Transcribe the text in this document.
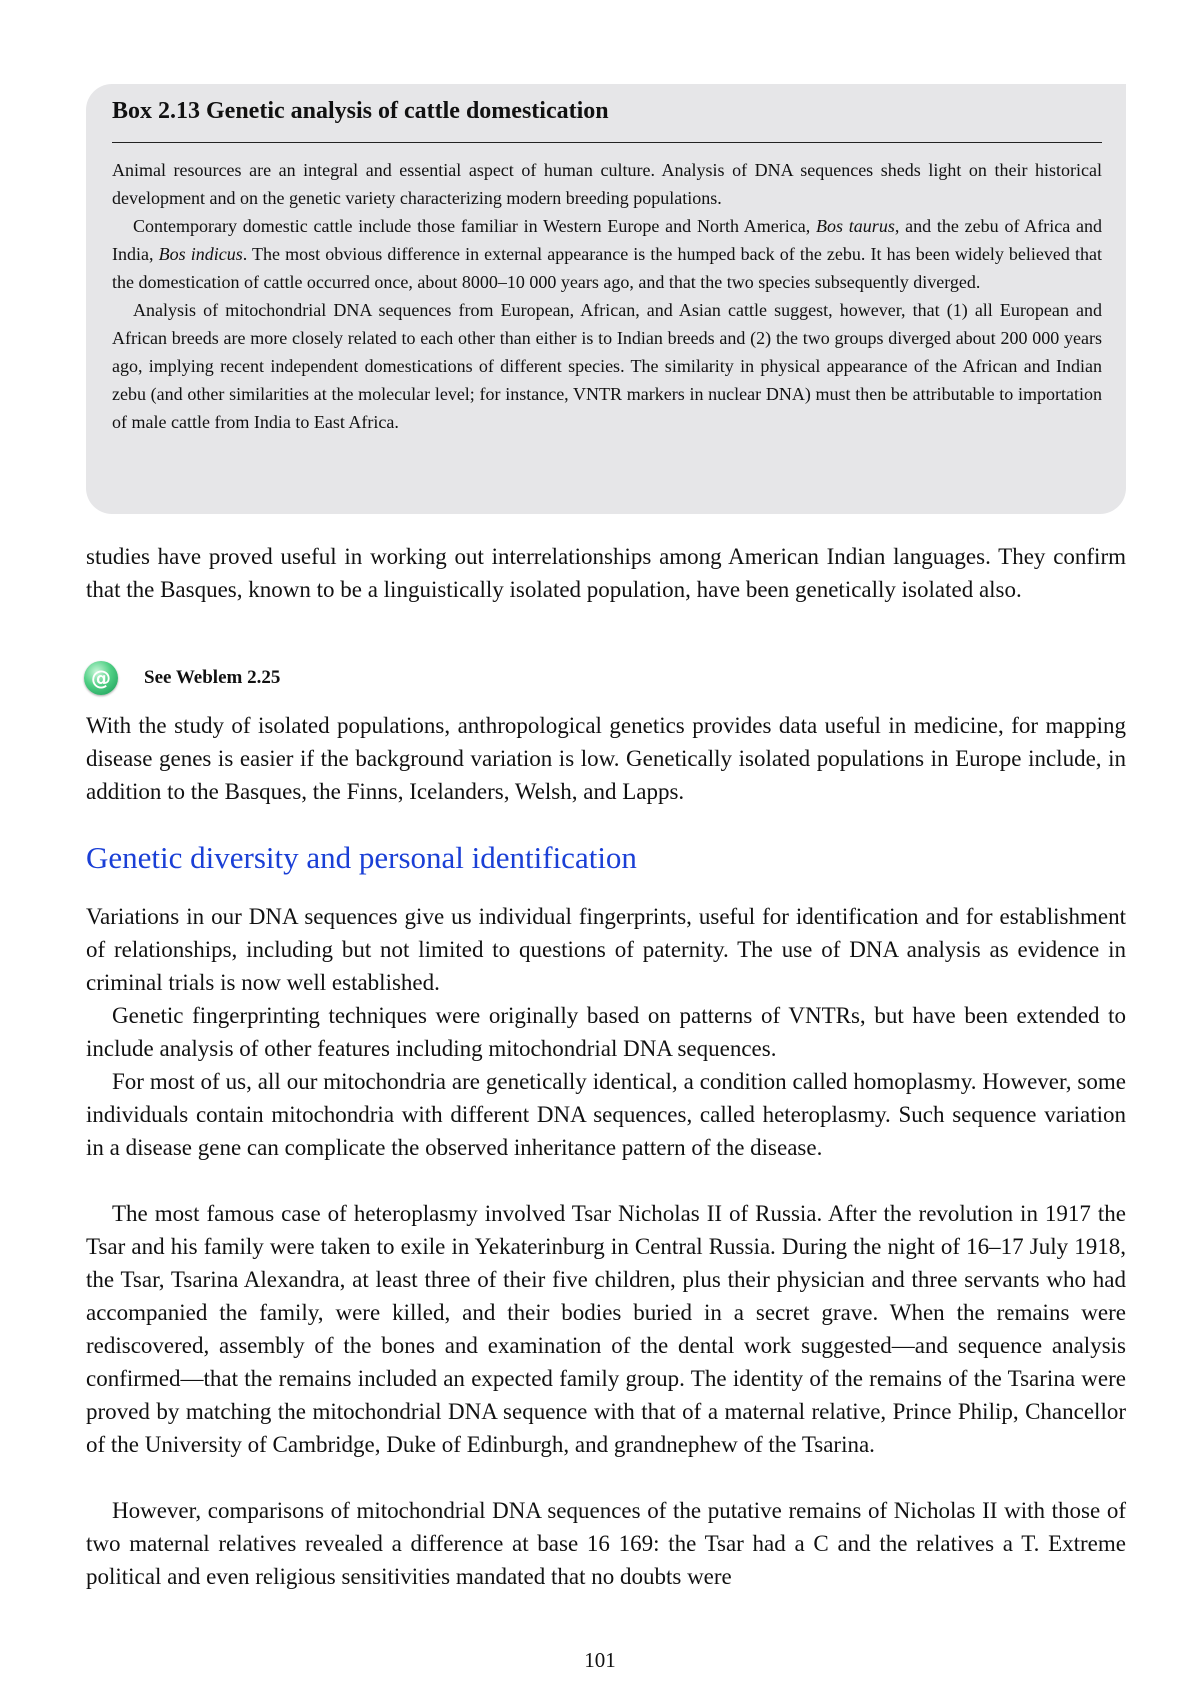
Box 2.13 Genetic analysis of cattle domestication

Animal resources are an integral and essential aspect of human culture. Analysis of DNA sequences sheds light on their historical development and on the genetic variety characterizing modern breeding populations.

Contemporary domestic cattle include those familiar in Western Europe and North America, Bos taurus, and the zebu of Africa and India, Bos indicus. The most obvious difference in external appearance is the humped back of the zebu. It has been widely believed that the domestication of cattle occurred once, about 8000–10 000 years ago, and that the two species subsequently diverged.

Analysis of mitochondrial DNA sequences from European, African, and Asian cattle suggest, however, that (1) all European and African breeds are more closely related to each other than either is to Indian breeds and (2) the two groups diverged about 200 000 years ago, implying recent independent domestications of different species. The similarity in physical appearance of the African and Indian zebu (and other similarities at the molecular level; for instance, VNTR markers in nuclear DNA) must then be attributable to importation of male cattle from India to East Africa.

studies have proved useful in working out interrelationships among American Indian languages. They confirm that the Basques, known to be a linguistically isolated population, have been genetically isolated also.

@	See Weblem 2.25

With the study of isolated populations, anthropological genetics provides data useful in medicine, for mapping disease genes is easier if the background variation is low. Genetically isolated populations in Europe include, in addition to the Basques, the Finns, Icelanders, Welsh, and Lapps.

Genetic diversity and personal identification

Variations in our DNA sequences give us individual fingerprints, useful for identification and for establishment of relationships, including but not limited to questions of paternity. The use of DNA analysis as evidence in criminal trials is now well established.

Genetic fingerprinting techniques were originally based on patterns of VNTRs, but have been extended to include analysis of other features including mitochondrial DNA sequences.

For most of us, all our mitochondria are genetically identical, a condition called homoplasmy. However, some individuals contain mitochondria with different DNA sequences, called heteroplasmy. Such sequence variation in a disease gene can complicate the observed inheritance pattern of the disease.

The most famous case of heteroplasmy involved Tsar Nicholas II of Russia. After the revolution in 1917 the Tsar and his family were taken to exile in Yekaterinburg in Central Russia. During the night of 16–17 July 1918, the Tsar, Tsarina Alexandra, at least three of their five children, plus their physician and three servants who had accompanied the family, were killed, and their bodies buried in a secret grave. When the remains were rediscovered, assembly of the bones and examination of the dental work suggested—and sequence analysis confirmed—that the remains included an expected family group. The identity of the remains of the Tsarina were proved by matching the mitochondrial DNA sequence with that of a maternal relative, Prince Philip, Chancellor of the University of Cambridge, Duke of Edinburgh, and grandnephew of the Tsarina.

However, comparisons of mitochondrial DNA sequences of the putative remains of Nicholas II with those of two maternal relatives revealed a difference at base 16 169: the Tsar had a C and the relatives a T. Extreme political and even religious sensitivities mandated that no doubts were

101
